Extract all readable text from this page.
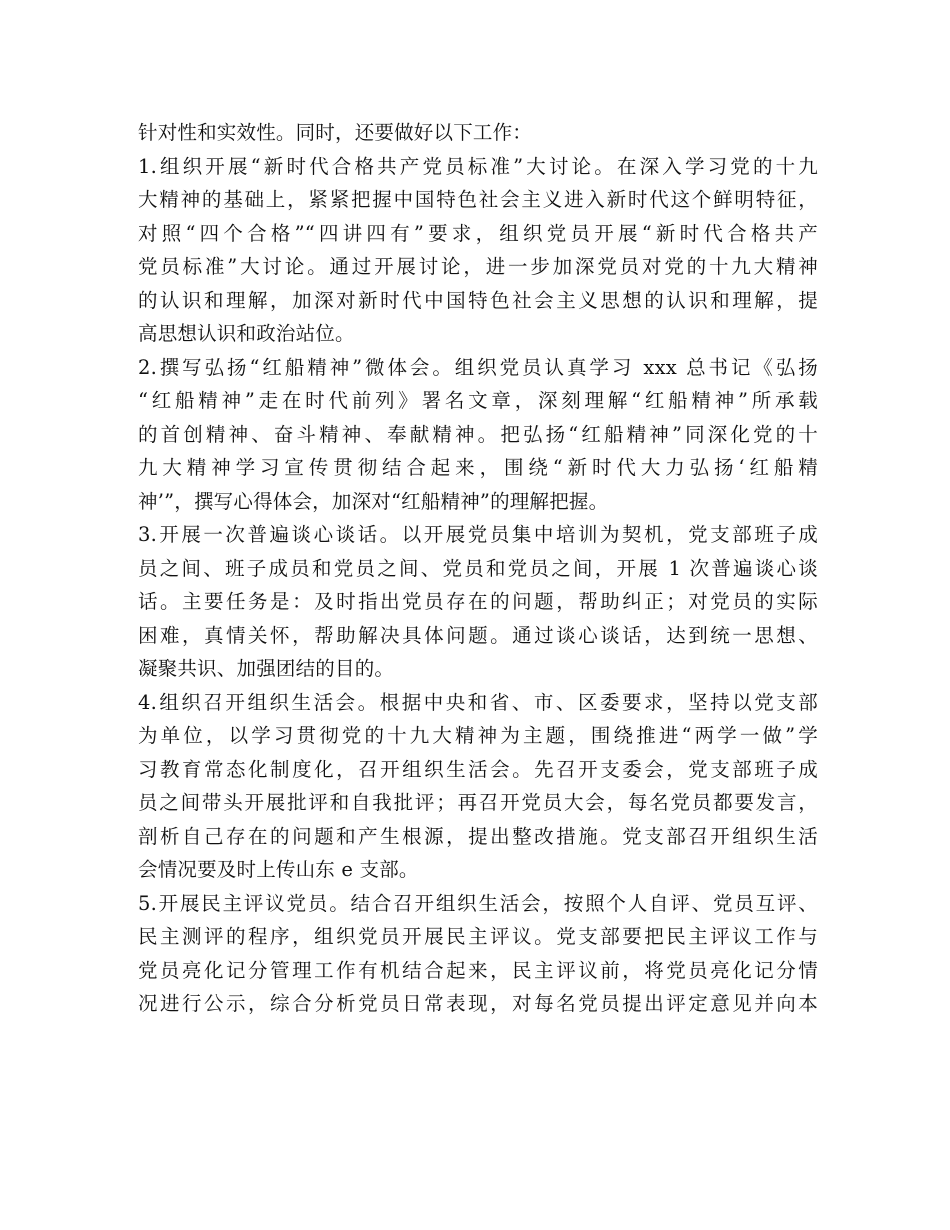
针对性和实效性。同时，还要做好以下工作：
1.组织开展“新时代合格共产党员标准”大讨论。在深入学习党的十九
大精神的基础上，紧紧把握中国特色社会主义进入新时代这个鲜明特征，
对照“四个合格”“四讲四有”要求，组织党员开展“新时代合格共产
党员标准”大讨论。通过开展讨论，进一步加深党员对党的十九大精神
的认识和理解，加深对新时代中国特色社会主义思想的认识和理解，提
高思想认识和政治站位。
2.撰写弘扬“红船精神”微体会。组织党员认真学习 xxx 总书记《弘扬
“红船精神”走在时代前列》署名文章，深刻理解“红船精神”所承载
的首创精神、奋斗精神、奉献精神。把弘扬“红船精神”同深化党的十
九大精神学习宣传贯彻结合起来，围绕“新时代大力弘扬‘红船精
神’”，撰写心得体会，加深对“红船精神”的理解把握。
3.开展一次普遍谈心谈话。以开展党员集中培训为契机，党支部班子成
员之间、班子成员和党员之间、党员和党员之间，开展 1 次普遍谈心谈
话。主要任务是：及时指出党员存在的问题，帮助纠正；对党员的实际
困难，真情关怀，帮助解决具体问题。通过谈心谈话，达到统一思想、
凝聚共识、加强团结的目的。
4.组织召开组织生活会。根据中央和省、市、区委要求，坚持以党支部
为单位，以学习贯彻党的十九大精神为主题，围绕推进“两学一做”学
习教育常态化制度化，召开组织生活会。先召开支委会，党支部班子成
员之间带头开展批评和自我批评；再召开党员大会，每名党员都要发言，
剖析自己存在的问题和产生根源，提出整改措施。党支部召开组织生活
会情况要及时上传山东 e 支部。
5.开展民主评议党员。结合召开组织生活会，按照个人自评、党员互评、
民主测评的程序，组织党员开展民主评议。党支部要把民主评议工作与
党员亮化记分管理工作有机结合起来，民主评议前，将党员亮化记分情
况进行公示，综合分析党员日常表现，对每名党员提出评定意见并向本
